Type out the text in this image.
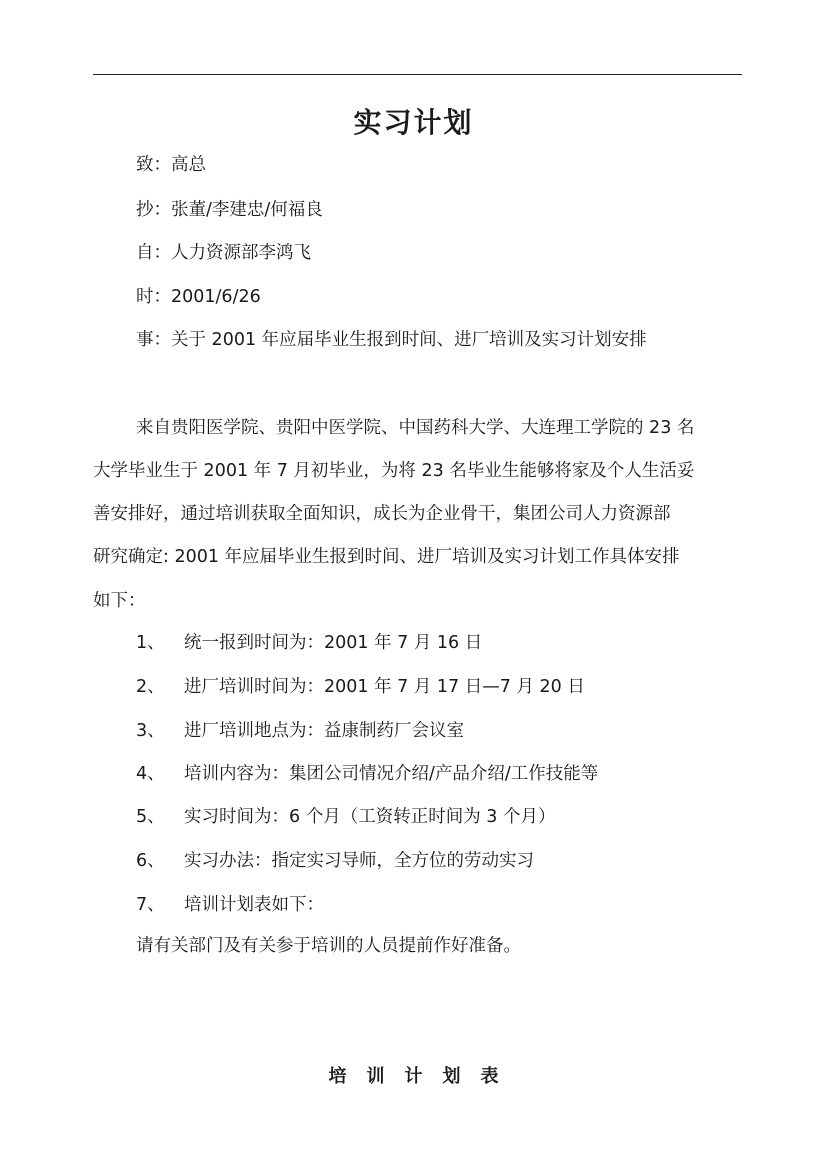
实习计划
致：高总
抄：张董/李建忠/何福良
自：人力资源部李鸿飞
时：2001/6/26
事：关于 2001 年应届毕业生报到时间、进厂培训及实习计划安排
来自贵阳医学院、贵阳中医学院、中国药科大学、大连理工学院的 23 名
大学毕业生于 2001 年 7 月初毕业，为将 23 名毕业生能够将家及个人生活妥
善安排好，通过培训获取全面知识，成长为企业骨干，集团公司人力资源部
研究确定: 2001 年应届毕业生报到时间、进厂培训及实习计划工作具体安排
如下：
1、 统一报到时间为：2001 年 7 月 16 日
2、 进厂培训时间为：2001 年 7 月 17 日—7 月 20 日
3、 进厂培训地点为：益康制药厂会议室
4、 培训内容为：集团公司情况介绍/产品介绍/工作技能等
5、 实习时间为：6 个月（工资转正时间为 3 个月）
6、 实习办法：指定实习导师，全方位的劳动实习
7、 培训计划表如下：
请有关部门及有关参于培训的人员提前作好准备。
培训计划表
